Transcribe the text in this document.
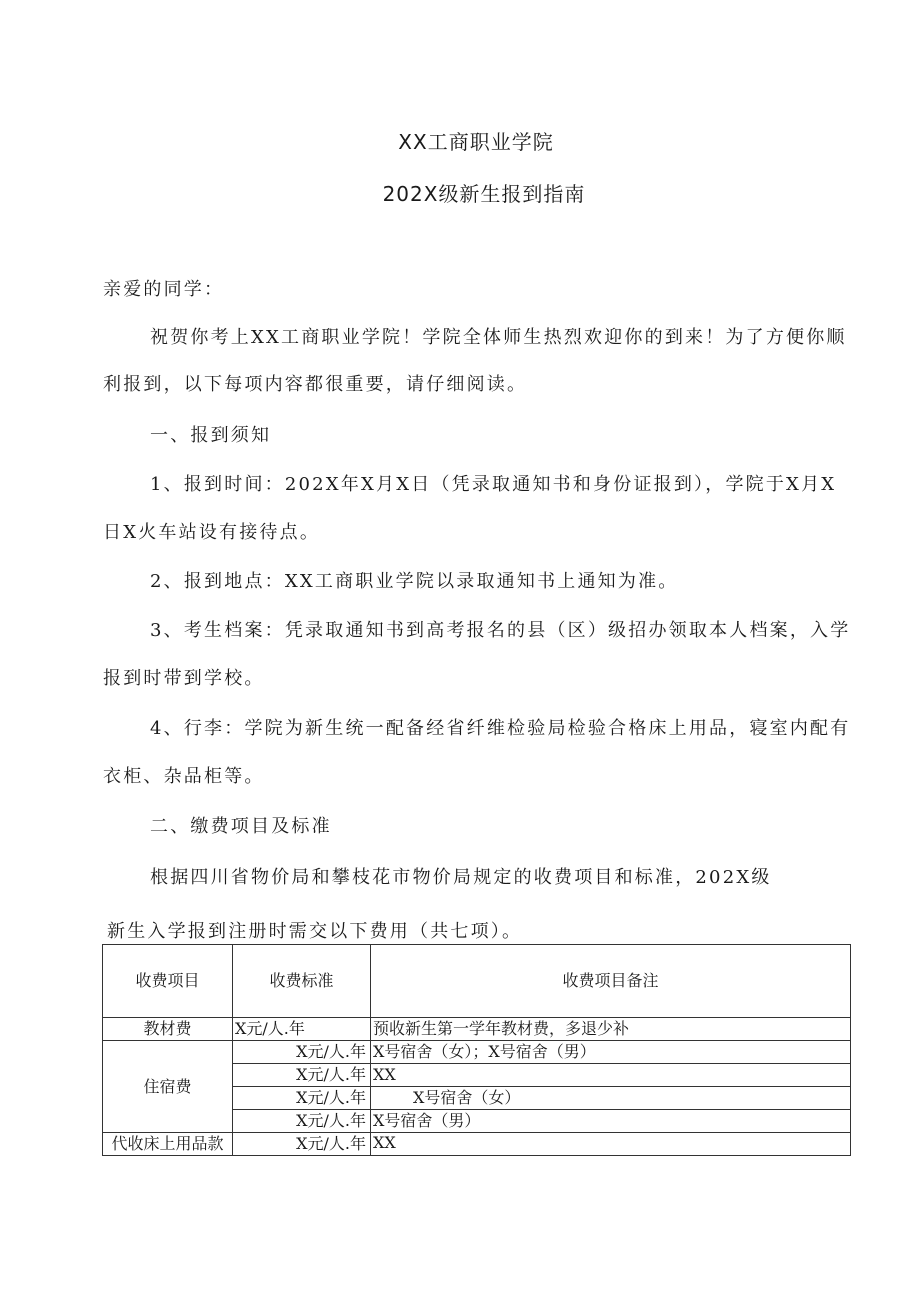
XX工商职业学院
202X级新生报到指南
亲爱的同学：
祝贺你考上XX工商职业学院！学院全体师生热烈欢迎你的到来！为了方便你顺
利报到，以下每项内容都很重要，请仔细阅读。
一、报到须知
1、报到时间：202X年X月X日（凭录取通知书和身份证报到），学院于X月X
日X火车站设有接待点。
2、报到地点：XX工商职业学院以录取通知书上通知为准。
3、考生档案：凭录取通知书到高考报名的县（区）级招办领取本人档案，入学
报到时带到学校。
4、行李：学院为新生统一配备经省纤维检验局检验合格床上用品，寝室内配有
衣柜、杂品柜等。
二、缴费项目及标准
根据四川省物价局和攀枝花市物价局规定的收费项目和标准，202X级
新生入学报到注册时需交以下费用（共七项）。
收费项目	收费标准	收费项目备注
教材费	X元/人.年	预收新生第一学年教材费，多退少补
住宿费	X元/人.年	X号宿舍（女）；X号宿舍（男）
	X元/人.年	XX
	X元/人.年	X号宿舍（女）
	X元/人.年	X号宿舍（男）
代收床上用品款	X元/人.年	XX
